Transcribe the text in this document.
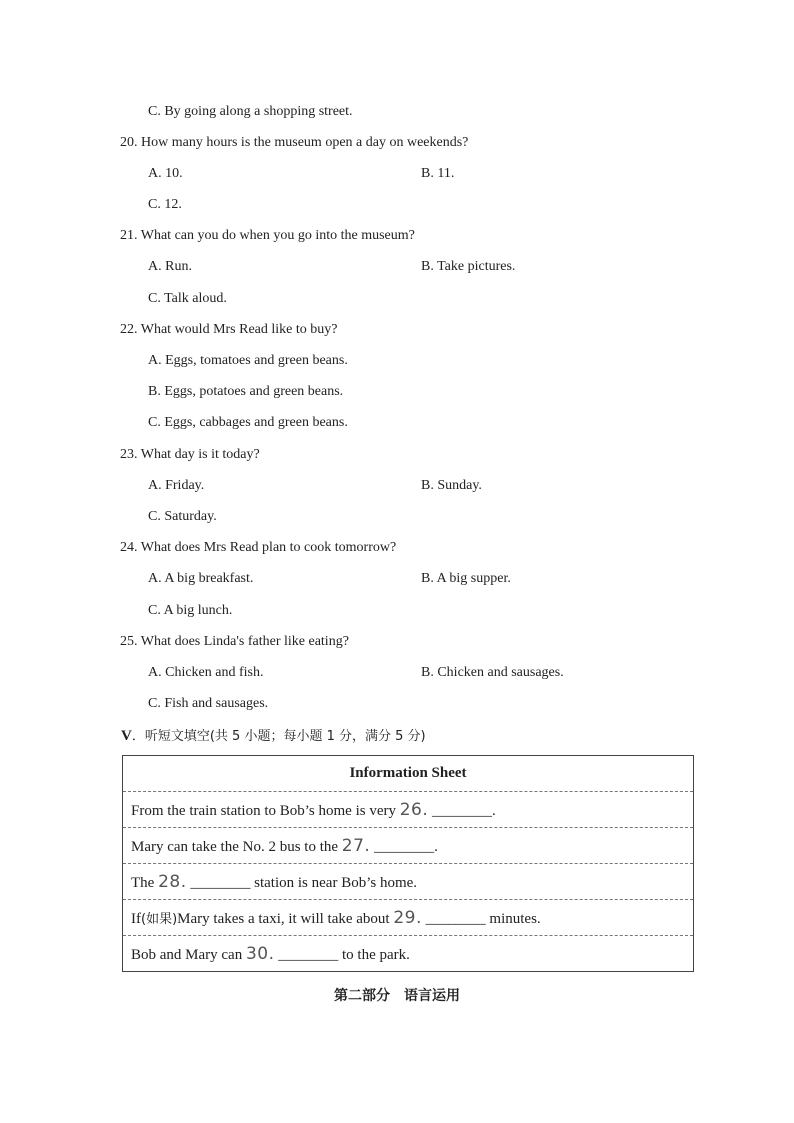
C. By going along a shopping street.
20. How many hours is the museum open a day on weekends?
A. 10.	B. 11.
C. 12.
21. What can you do when you go into the museum?
A. Run.	B. Take pictures.
C. Talk aloud.
22. What would Mrs Read like to buy?
A. Eggs, tomatoes and green beans.
B. Eggs, potatoes and green beans.
C. Eggs, cabbages and green beans.
23. What day is it today?
A. Friday.	B. Sunday.
C. Saturday.
24. What does Mrs Read plan to cook tomorrow?
A. A big breakfast.	B. A big supper.
C. A big lunch.
25. What does Linda's father like eating?
A. Chicken and fish.	B. Chicken and sausages.
C. Fish and sausages.
V．听短文填空(共 5 小题；每小题 1 分，满分 5 分)
Information Sheet
From the train station to Bob’s home is very 26. ________.
Mary can take the No. 2 bus to the 27. ________.
The 28. ________ station is near Bob’s home.
If(如果)Mary takes a taxi, it will take about 29. ________ minutes.
Bob and Mary can 30. ________ to the park.
第二部分　语言运用
